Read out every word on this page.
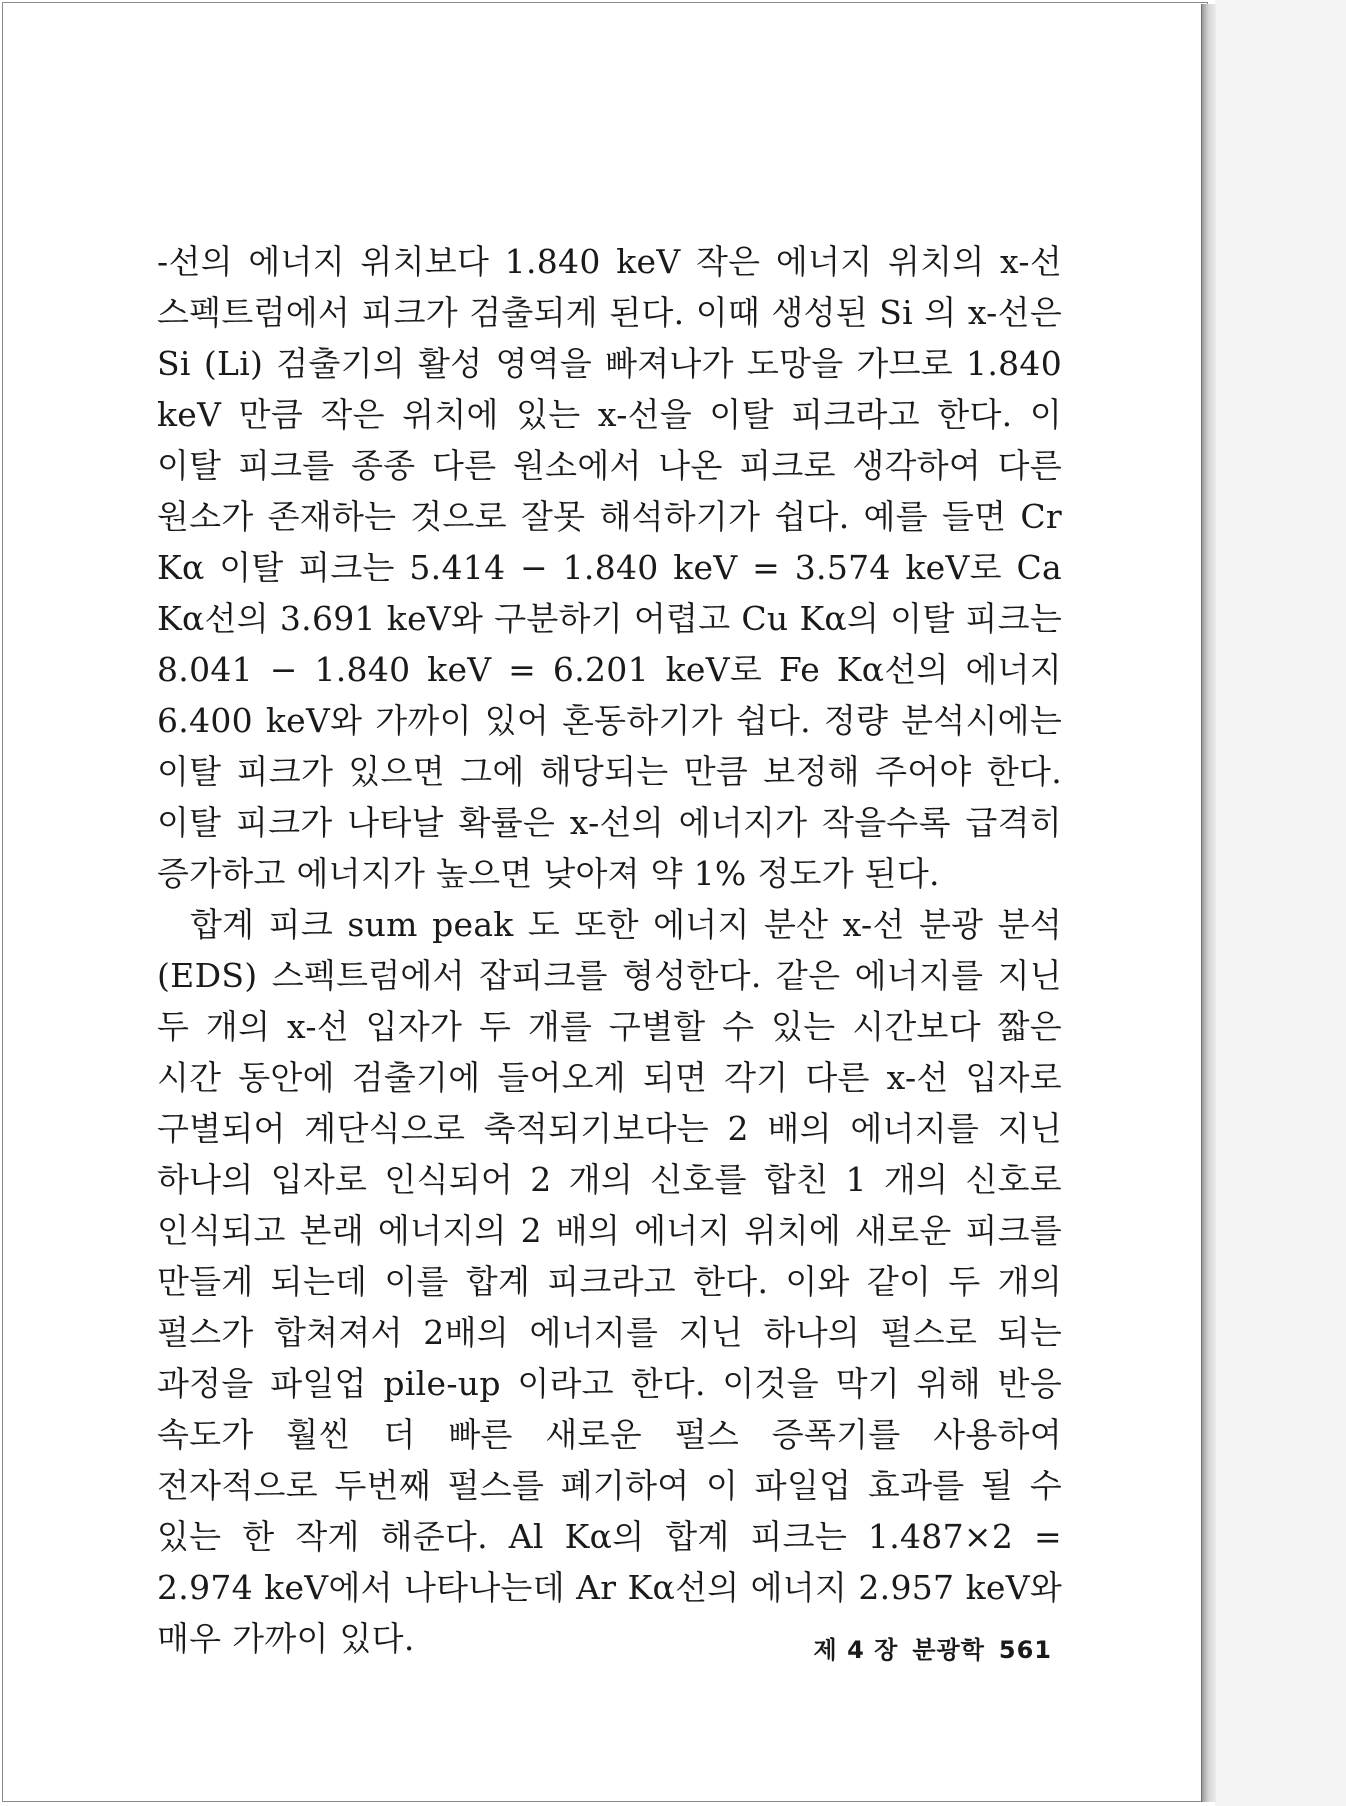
-선의 에너지 위치보다 1.840 keV 작은 에너지 위치의 x-선 스펙트럼에서 피크가 검출되게 된다. 이때 생성된 Si 의 x-선은 Si (Li) 검출기의 활성 영역을 빠져나가 도망을 가므로 1.840 keV 만큼 작은 위치에 있는 x-선을 이탈 피크라고 한다. 이 이탈 피크를 종종 다른 원소에서 나온 피크로 생각하여 다른 원소가 존재하는 것으로 잘못 해석하기가 쉽다. 예를 들면 Cr Kα 이탈 피크는 5.414 − 1.840 keV = 3.574 keV로 Ca Kα선의 3.691 keV와 구분하기 어렵고 Cu Kα의 이탈 피크는 8.041 − 1.840 keV = 6.201 keV로 Fe Kα선의 에너지 6.400 keV와 가까이 있어 혼동하기가 쉽다. 정량 분석시에는 이탈 피크가 있으면 그에 해당되는 만큼 보정해 주어야 한다. 이탈 피크가 나타날 확률은 x-선의 에너지가 작을수록 급격히 증가하고 에너지가 높으면 낮아져 약 1% 정도가 된다.

합계 피크 sum peak 도 또한 에너지 분산 x-선 분광 분석(EDS) 스펙트럼에서 잡피크를 형성한다. 같은 에너지를 지닌 두 개의 x-선 입자가 두 개를 구별할 수 있는 시간보다 짧은 시간 동안에 검출기에 들어오게 되면 각기 다른 x-선 입자로 구별되어 계단식으로 축적되기보다는 2 배의 에너지를 지닌 하나의 입자로 인식되어 2 개의 신호를 합친 1 개의 신호로 인식되고 본래 에너지의 2 배의 에너지 위치에 새로운 피크를 만들게 되는데 이를 합계 피크라고 한다. 이와 같이 두 개의 펄스가 합쳐져서 2배의 에너지를 지닌 하나의 펄스로 되는 과정을 파일업 pile-up 이라고 한다. 이것을 막기 위해 반응 속도가 훨씬 더 빠른 새로운 펄스 증폭기를 사용하여 전자적으로 두번째 펄스를 폐기하여 이 파일업 효과를 될 수 있는 한 작게 해준다. Al Kα의 합계 피크는 1.487×2 = 2.974 keV에서 나타나는데 Ar Kα선의 에너지 2.957 keV와 매우 가까이 있다.	제 4 장 분광학 561
